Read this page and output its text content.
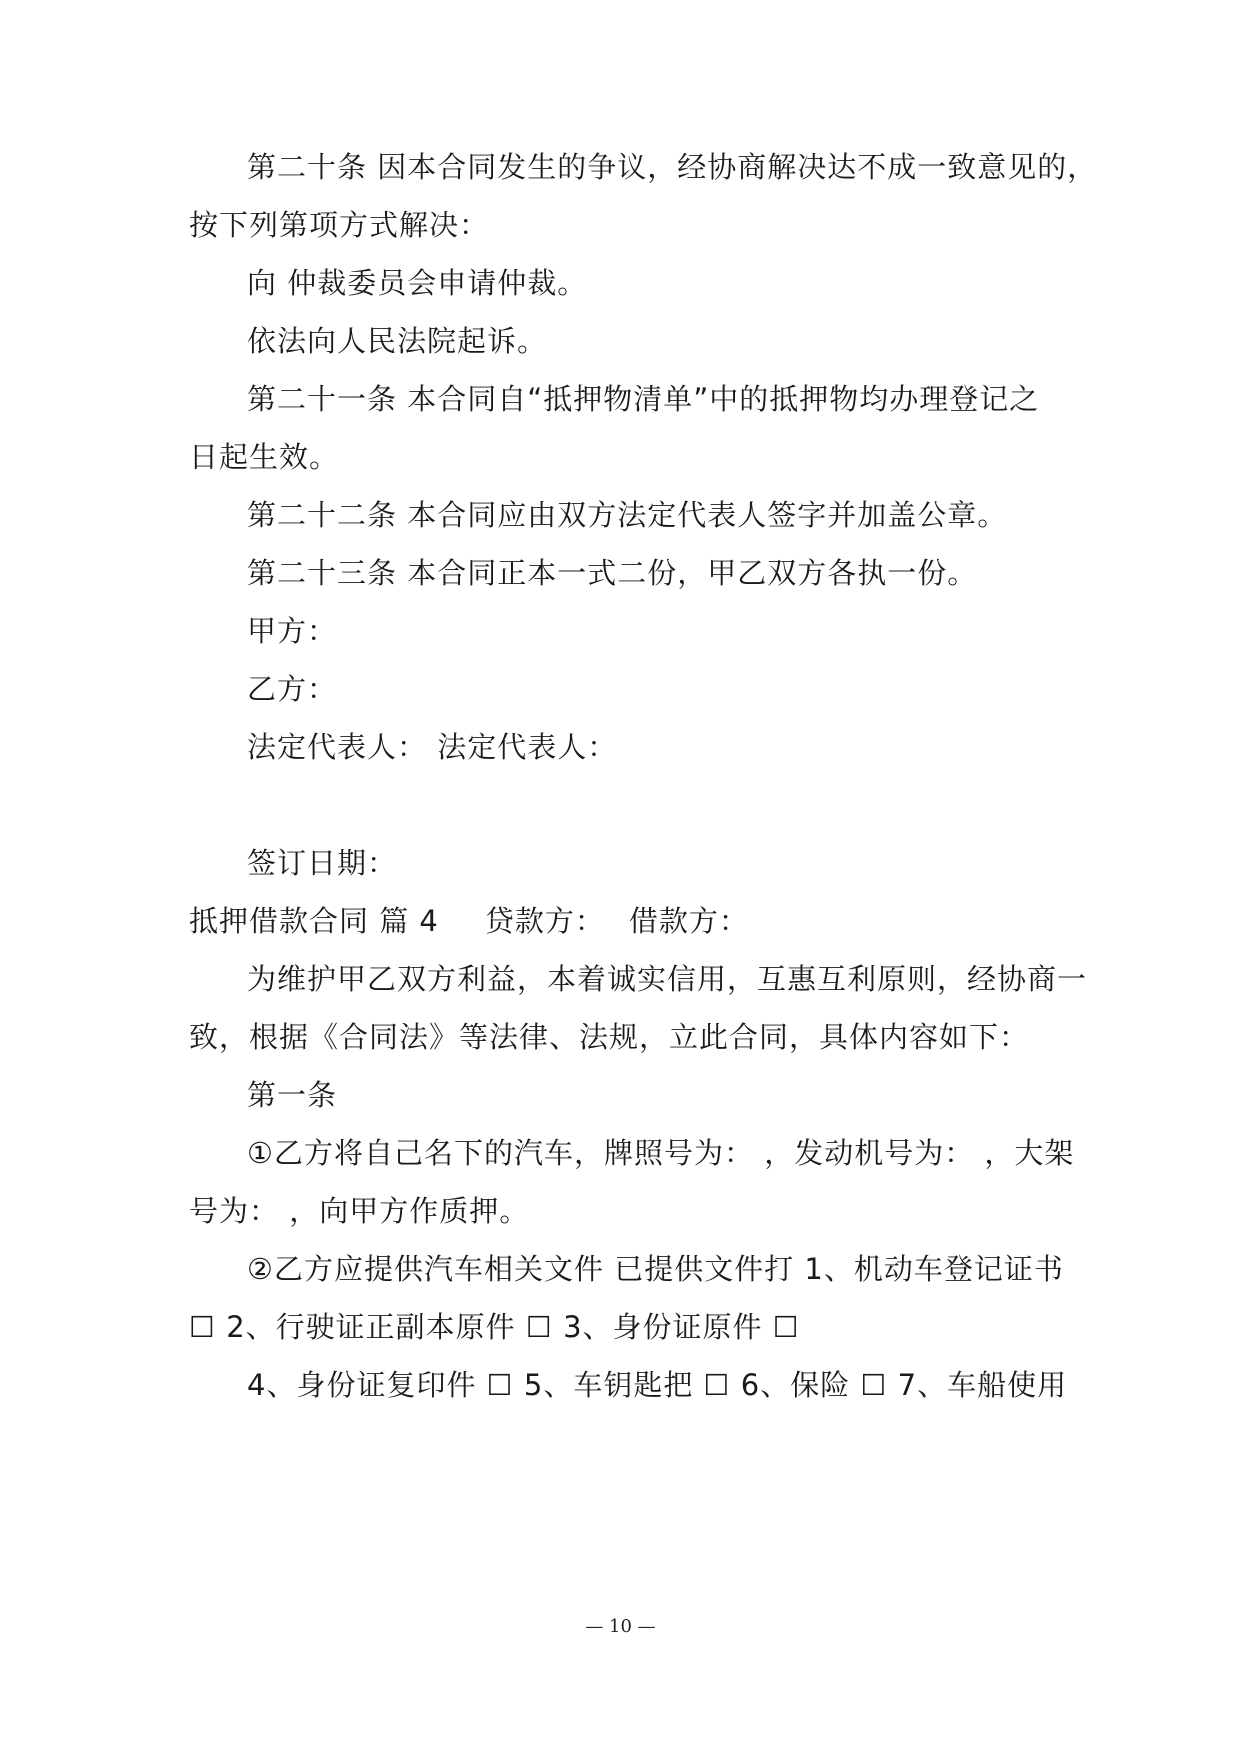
第二十条 因本合同发生的争议，经协商解决达不成一致意见的，
按下列第项方式解决：
向 仲裁委员会申请仲裁。
依法向人民法院起诉。
第二十一条 本合同自“抵押物清单”中的抵押物均办理登记之
日起生效。
第二十二条 本合同应由双方法定代表人签字并加盖公章。
第二十三条 本合同正本一式二份，甲乙双方各执一份。
甲方：
乙方：
法定代表人： 法定代表人：
签订日期：
抵押借款合同 篇 4 贷款方： 借款方：
为维护甲乙双方利益，本着诚实信用，互惠互利原则，经协商一
致，根据《合同法》等法律、法规，立此合同，具体内容如下：
第一条
①乙方将自己名下的汽车，牌照号为： ，发动机号为： ，大架
号为： ，向甲方作质押。
②乙方应提供汽车相关文件 已提供文件打 1、机动车登记证书
☐ 2、行驶证正副本原件 ☐ 3、身份证原件 ☐
4、身份证复印件 ☐ 5、车钥匙把 ☐ 6、保险 ☐ 7、车船使用
— 10 —
